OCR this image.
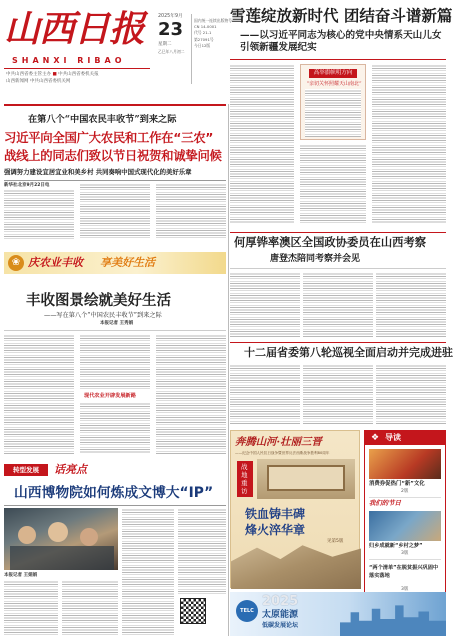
山西日报
SHANXI RIBAO
中共山西省委主管主办 ■ 中共山西省委机关报
山西新闻网 中共山西省委机关网
2025年9月
23
星期二
乙巳年八月初二
国内统一连续出版物号
CN 14-0001
代号 21-1
第27091号
今日12版
雪莲绽放新时代 团结奋斗谱新篇
——以习近平同志为核心的党中央情系天山儿女引领新疆发展纪实
高举旗帜明方向
“亲切关怀照耀天山南北”
在第八个“中国农民丰收节”到来之际
习近平向全国广大农民和工作在“三农”
战线上的同志们致以节日祝贺和诚挚问候
强调努力建设宜居宜业和美乡村 共同奏响中国式现代化的美好乐章
新华社北京9月22日电
❀ 庆农业丰收	享美好生活
丰收图景绘就美好生活
——写在第八个“中国农民丰收节”到来之际
本报记者 王秀娟
现代农业开辟发展新路
转型发展	话亮点
山西博物院如何炼成文博大“IP”
本报记者 王娟娟
何厚铧率澳区全国政协委员在山西考察
唐登杰陪同考察并会见
十二届省委第八轮巡视全面启动并完成进驻
奔腾山河·壮丽三晋
——纪念中国人民抗日战争暨世界反法西斯战争胜利80周年
战地重访
铁血铸丰碑
烽火淬华章
见第5版
❖ 导读
消费券促热门“新”文化
2版
我们的节日
归乡成就新“乡村之梦”
3版
“两个清单”在脱贫振兴巩固中落实落地
3版
TELC
2025
太原能源
低碳发展论坛
